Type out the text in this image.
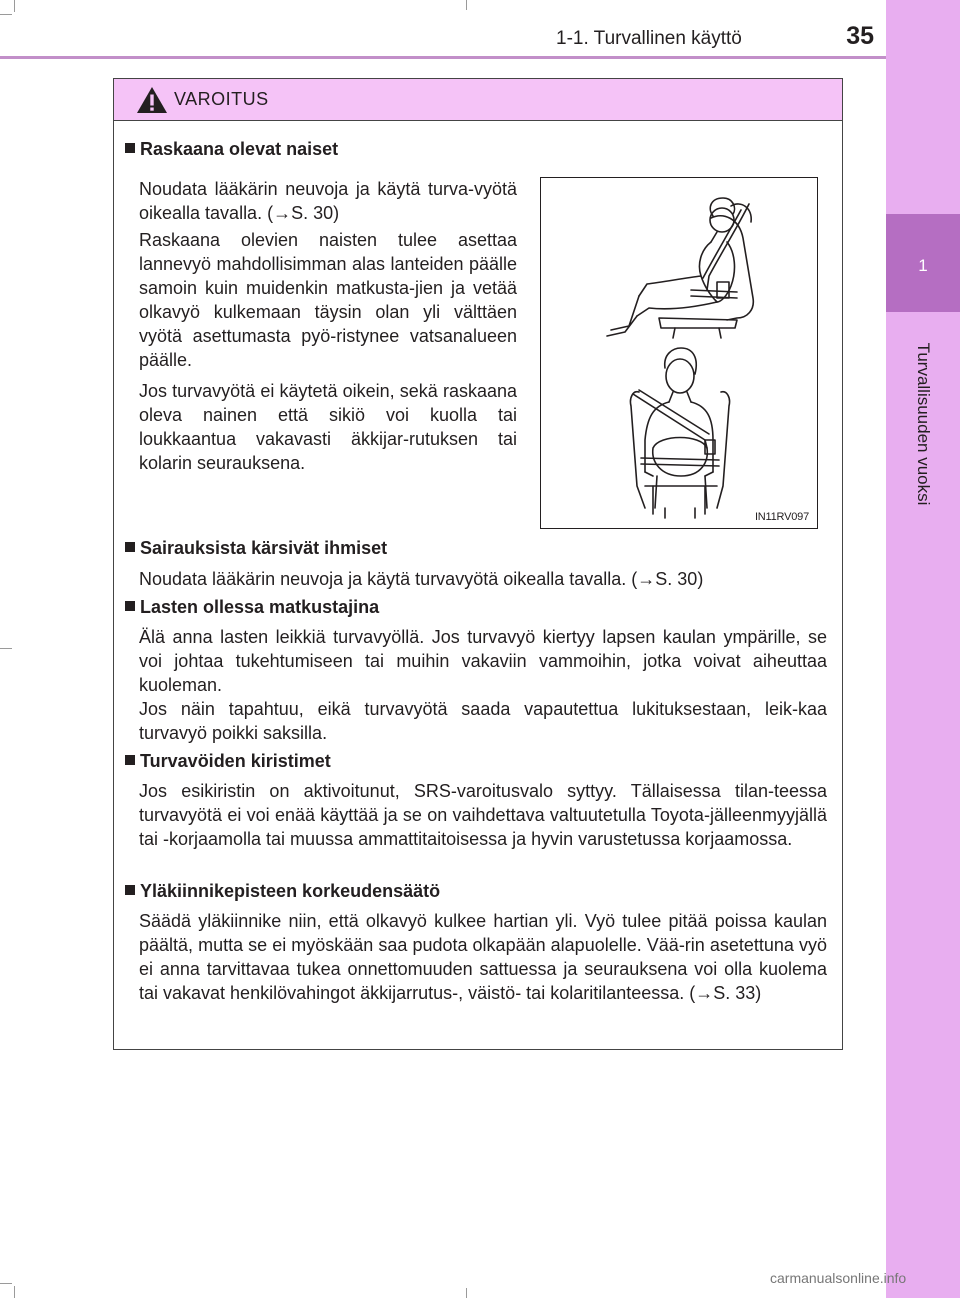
1-1. Turvallinen käyttö	35
1
Turvallisuuden vuoksi
VAROITUS
Raskaana olevat naiset
Noudata lääkärin neuvoja ja käytä turva-vyötä oikealla tavalla. (→S. 30)
Raskaana olevien naisten tulee asettaa lannevyö mahdollisimman alas lanteiden päälle samoin kuin muidenkin matkusta-jien ja vetää olkavyö kulkemaan täysin olan yli välttäen vyötä asettumasta pyö-ristynee vatsanalueen päälle.
Jos turvavyötä ei käytetä oikein, sekä raskaana oleva nainen että sikiö voi kuolla tai loukkaantua vakavasti äkkijar-rutuksen tai kolarin seurauksena.
IN11RV097
Sairauksista kärsivät ihmiset
Noudata lääkärin neuvoja ja käytä turvavyötä oikealla tavalla. (→S. 30)
Lasten ollessa matkustajina
Älä anna lasten leikkiä turvavyöllä. Jos turvavyö kiertyy lapsen kaulan ympärille, se voi johtaa tukehtumiseen tai muihin vakaviin vammoihin, jotka voivat aiheuttaa kuoleman.
Jos näin tapahtuu, eikä turvavyötä saada vapautettua lukituksestaan, leik-kaa turvavyö poikki saksilla.
Turvavöiden kiristimet
Jos esikiristin on aktivoitunut, SRS-varoitusvalo syttyy. Tällaisessa tilan-teessa turvavyötä ei voi enää käyttää ja se on vaihdettava valtuutetulla Toyota-jälleenmyyjällä tai -korjaamolla tai muussa ammattitaitoisessa ja hyvin varustetussa korjaamossa.
Yläkiinnikepisteen korkeudensäätö
Säädä yläkiinnike niin, että olkavyö kulkee hartian yli. Vyö tulee pitää poissa kaulan päältä, mutta se ei myöskään saa pudota olkapään alapuolelle. Vää-rin asetettuna vyö ei anna tarvittavaa tukea onnettomuuden sattuessa ja seurauksena voi olla kuolema tai vakavat henkilövahingot äkkijarrutus-, väistö- tai kolaritilanteessa. (→S. 33)
carmanualsonline.info
